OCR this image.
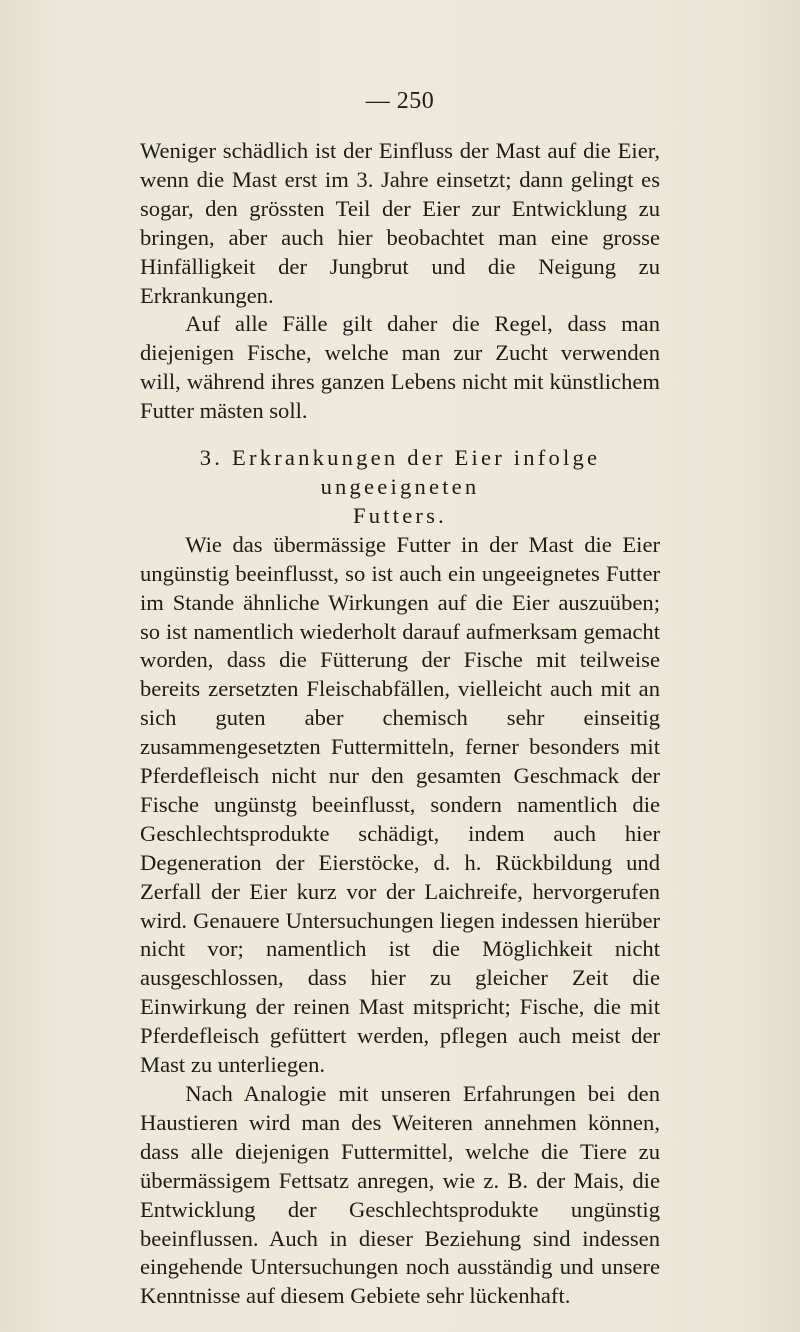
— 250

Weniger schädlich ist der Einfluss der Mast auf die Eier, wenn die Mast erst im 3. Jahre einsetzt; dann gelingt es sogar, den grössten Teil der Eier zur Entwicklung zu bringen, aber auch hier beobachtet man eine grosse Hinfälligkeit der Jungbrut und die Neigung zu Erkrankungen.

Auf alle Fälle gilt daher die Regel, dass man diejenigen Fische, welche man zur Zucht verwenden will, während ihres ganzen Lebens nicht mit künstlichem Futter mästen soll.

3. Erkrankungen der Eier infolge ungeeigneten

Futters.

Wie das übermässige Futter in der Mast die Eier ungünstig beeinflusst, so ist auch ein ungeeignetes Futter im Stande ähnliche Wirkungen auf die Eier auszuüben; so ist namentlich wiederholt darauf aufmerksam gemacht worden, dass die Fütterung der Fische mit teilweise bereits zersetzten Fleischabfällen, vielleicht auch mit an sich guten aber chemisch sehr einseitig zusammengesetzten Futtermitteln, ferner besonders mit Pferdefleisch nicht nur den gesamten Geschmack der Fische ungünstg beeinflusst, sondern namentlich die Geschlechtsprodukte schädigt, indem auch hier Degeneration der Eierstöcke, d. h. Rückbildung und Zerfall der Eier kurz vor der Laichreife, hervorgerufen wird. Genauere Untersuchungen liegen indessen hierüber nicht vor; namentlich ist die Möglichkeit nicht ausgeschlossen, dass hier zu gleicher Zeit die Einwirkung der reinen Mast mitspricht; Fische, die mit Pferdefleisch gefüttert werden, pflegen auch meist der Mast zu unterliegen.

Nach Analogie mit unseren Erfahrungen bei den Haustieren wird man des Weiteren annehmen können, dass alle diejenigen Futtermittel, welche die Tiere zu übermässigem Fettsatz anregen, wie z. B. der Mais, die Entwicklung der Geschlechtsprodukte ungünstig beeinflussen. Auch in dieser Beziehung sind indessen eingehende Untersuchungen noch ausständig und unsere Kenntnisse auf diesem Gebiete sehr lückenhaft.
